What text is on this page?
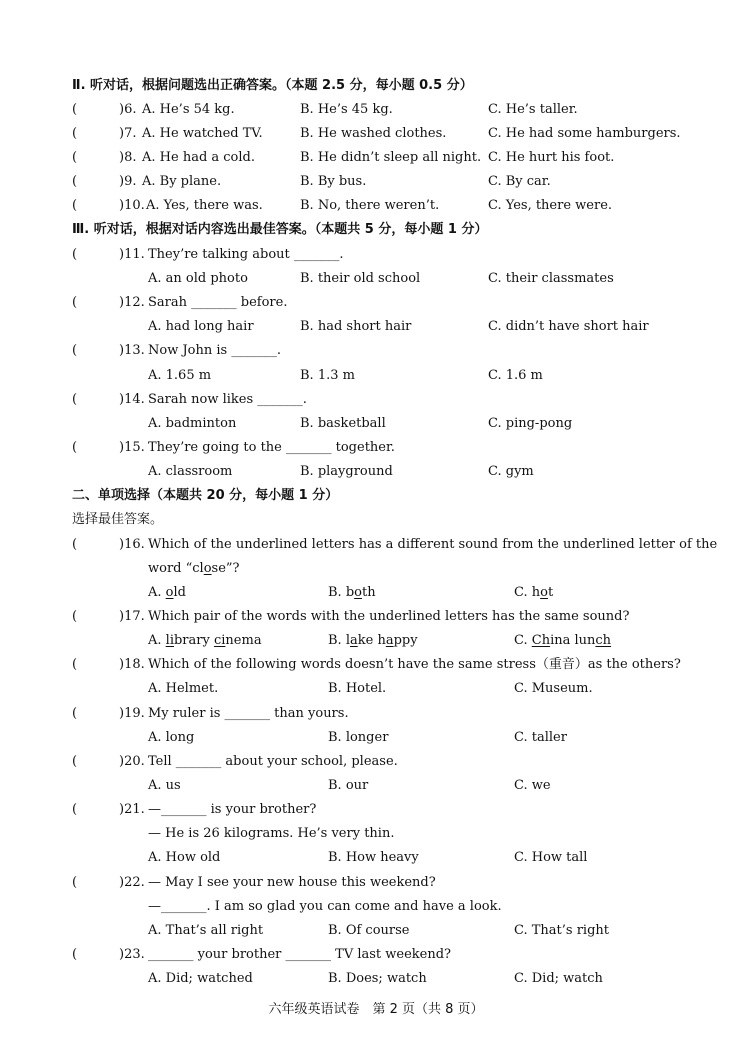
Ⅱ. 听对话，根据问题选出正确答案。（本题 2.5 分，每小题 0.5 分）
(	)6. A. He’s 54 kg.	B. He’s 45 kg.	C. He’s taller.
(	)7. A. He watched TV.	B. He washed clothes.	C. He had some hamburgers.
(	)8. A. He had a cold.	B. He didn’t sleep all night. C. He hurt his foot.
(	)9. A. By plane.	B. By bus.	C. By car.
(	)10. A. Yes, there was.	B. No, there weren’t.	C. Yes, there were.
Ⅲ. 听对话，根据对话内容选出最佳答案。（本题共 5 分，每小题 1 分）
(	)11. They’re talking about _______.
A. an old photo	B. their old school	C. their classmates
(	)12. Sarah _______ before.
A. had long hair	B. had short hair	C. didn’t have short hair
(	)13. Now John is _______.
A. 1.65 m	B. 1.3 m	C. 1.6 m
(	)14. Sarah now likes _______.
A. badminton	B. basketball	C. ping-pong
(	)15. They’re going to the _______ together.
A. classroom	B. playground	C. gym
二、单项选择（本题共 20 分，每小题 1 分）
选择最佳答案。
(	)16. Which of the underlined letters has a different sound from the underlined letter of the
word “close”?
A. old	B. both	C. hot
(	)17. Which pair of the words with the underlined letters has the same sound?
A. library cinema	B. lake happy	C. China lunch
(	)18. Which of the following words doesn’t have the same stress（重音）as the others?
A. Helmet.	B. Hotel.	C. Museum.
(	)19. My ruler is _______ than yours.
A. long	B. longer	C. taller
(	)20. Tell _______ about your school, please.
A. us	B. our	C. we
(	)21. —_______ is your brother?
— He is 26 kilograms. He’s very thin.
A. How old	B. How heavy	C. How tall
(	)22. — May I see your new house this weekend?
—_______. I am so glad you can come and have a look.
A. That’s all right	B. Of course	C. That’s right
(	)23. _______ your brother _______ TV last weekend?
A. Did; watched	B. Does; watch	C. Did; watch
六年级英语试卷　第 2 页（共 8 页）
